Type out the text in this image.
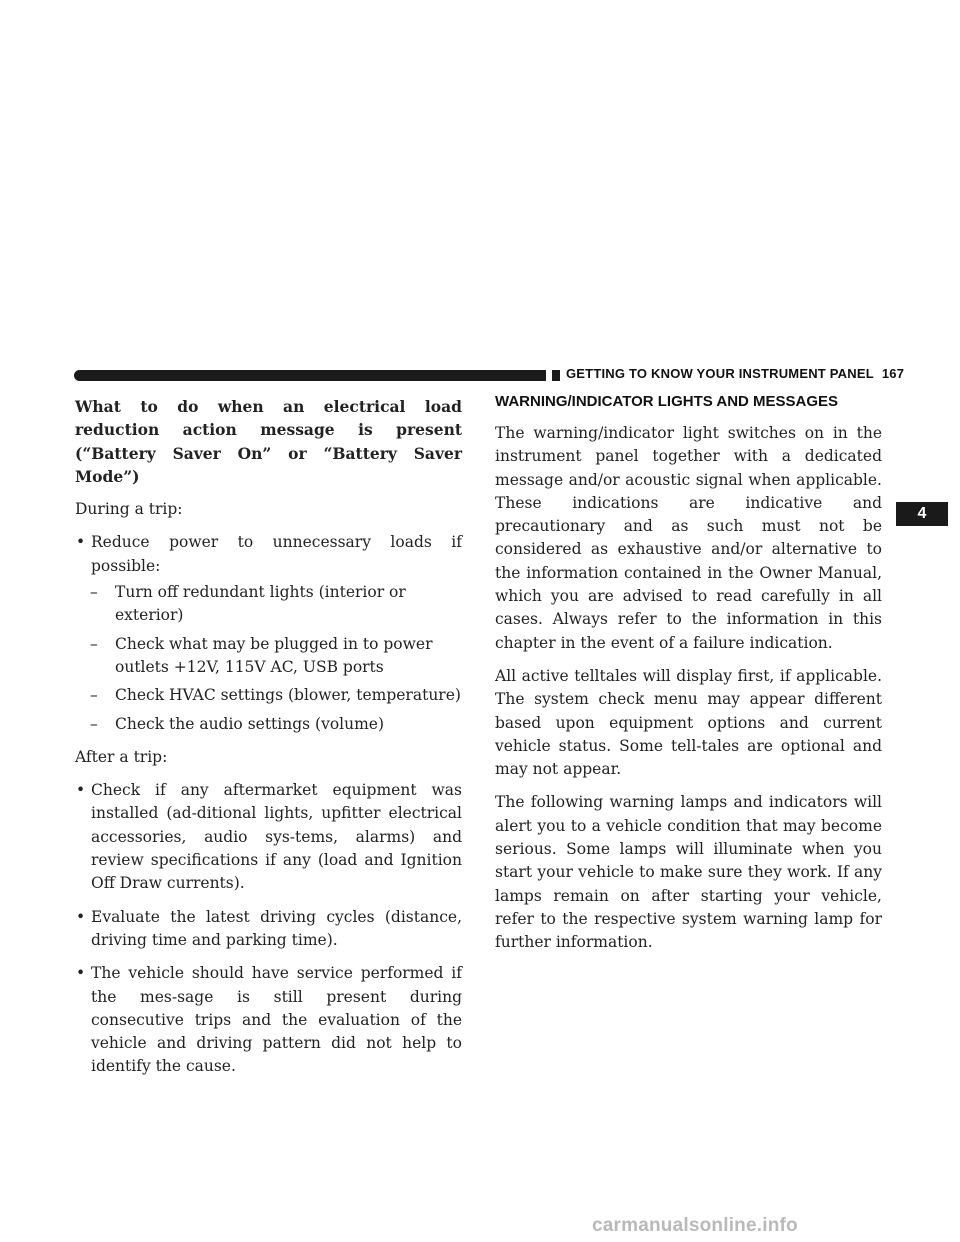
GETTING TO KNOW YOUR INSTRUMENT PANEL 167
What to do when an electrical load reduction action message is present (“Battery Saver On” or “Battery Saver Mode”)

During a trip:

• Reduce power to unnecessary loads if possible:
– Turn off redundant lights (interior or exterior)
– Check what may be plugged in to power outlets +12V, 115V AC, USB ports
– Check HVAC settings (blower, temperature)
– Check the audio settings (volume)

After a trip:

• Check if any aftermarket equipment was installed (ad-ditional lights, upfitter electrical accessories, audio sys-tems, alarms) and review specifications if any (load and Ignition Off Draw currents).
• Evaluate the latest driving cycles (distance, driving time and parking time).
• The vehicle should have service performed if the mes-sage is still present during consecutive trips and the evaluation of the vehicle and driving pattern did not help to identify the cause.
WARNING/INDICATOR LIGHTS AND MESSAGES

The warning/indicator light switches on in the instrument panel together with a dedicated message and/or acoustic signal when applicable. These indications are indicative and precautionary and as such must not be considered as exhaustive and/or alternative to the information contained in the Owner Manual, which you are advised to read carefully in all cases. Always refer to the information in this chapter in the event of a failure indication.

All active telltales will display first, if applicable. The system check menu may appear different based upon equipment options and current vehicle status. Some tell-tales are optional and may not appear.

The following warning lamps and indicators will alert you to a vehicle condition that may become serious. Some lamps will illuminate when you start your vehicle to make sure they work. If any lamps remain on after starting your vehicle, refer to the respective system warning lamp for further information.

4
carmanualsonline.info
